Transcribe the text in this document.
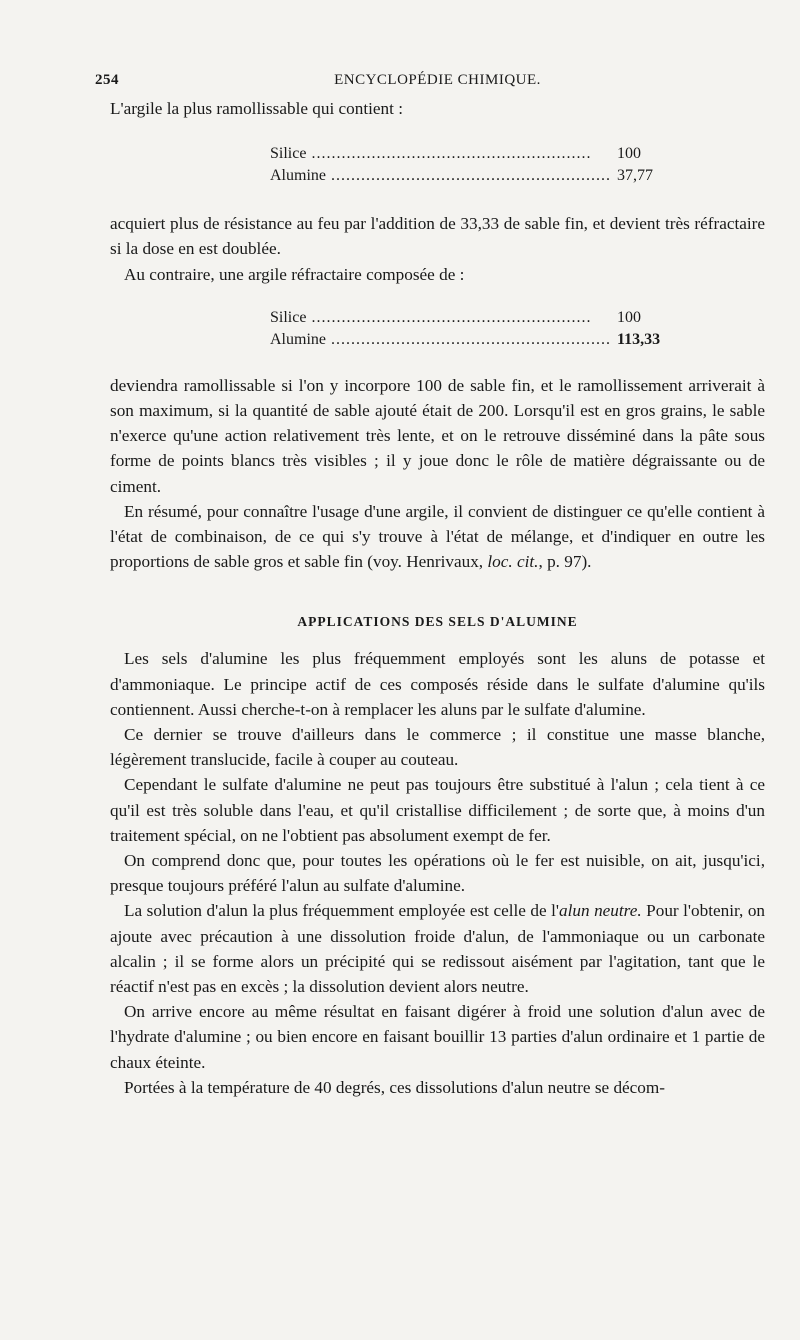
254	ENCYCLOPÉDIE CHIMIQUE.

L'argile la plus ramollissable qui contient :

Silice .....	100
Alumine .....	37,77

acquiert plus de résistance au feu par l'addition de 33,33 de sable fin, et devient très réfractaire si la dose en est doublée.

Au contraire, une argile réfractaire composée de :

Silice .....	100
Alumine .....	113,33

deviendra ramollissable si l'on y incorpore 100 de sable fin, et le ramollissement arriverait à son maximum, si la quantité de sable ajouté était de 200. Lorsqu'il est en gros grains, le sable n'exerce qu'une action relativement très lente, et on le retrouve disséminé dans la pâte sous forme de points blancs très visibles ; il y joue donc le rôle de matière dégraissante ou de ciment.

En résumé, pour connaître l'usage d'une argile, il convient de distinguer ce qu'elle contient à l'état de combinaison, de ce qui s'y trouve à l'état de mélange, et d'indiquer en outre les proportions de sable gros et sable fin (voy. Henrivaux, loc. cit., p. 97).

APPLICATIONS DES SELS D'ALUMINE

Les sels d'alumine les plus fréquemment employés sont les aluns de potasse et d'ammoniaque. Le principe actif de ces composés réside dans le sulfate d'alumine qu'ils contiennent. Aussi cherche-t-on à remplacer les aluns par le sulfate d'alumine.

Ce dernier se trouve d'ailleurs dans le commerce ; il constitue une masse blanche, légèrement translucide, facile à couper au couteau.

Cependant le sulfate d'alumine ne peut pas toujours être substitué à l'alun ; cela tient à ce qu'il est très soluble dans l'eau, et qu'il cristallise difficilement ; de sorte que, à moins d'un traitement spécial, on ne l'obtient pas absolument exempt de fer.

On comprend donc que, pour toutes les opérations où le fer est nuisible, on ait, jusqu'ici, presque toujours préféré l'alun au sulfate d'alumine.

La solution d'alun la plus fréquemment employée est celle de l'alun neutre. Pour l'obtenir, on ajoute avec précaution à une dissolution froide d'alun, de l'ammoniaque ou un carbonate alcalin ; il se forme alors un précipité qui se redissout aisément par l'agitation, tant que le réactif n'est pas en excès ; la dissolution devient alors neutre.

On arrive encore au même résultat en faisant digérer à froid une solution d'alun avec de l'hydrate d'alumine ; ou bien encore en faisant bouillir 13 parties d'alun ordinaire et 1 partie de chaux éteinte.

Portées à la température de 40 degrés, ces dissolutions d'alun neutre se décom-
